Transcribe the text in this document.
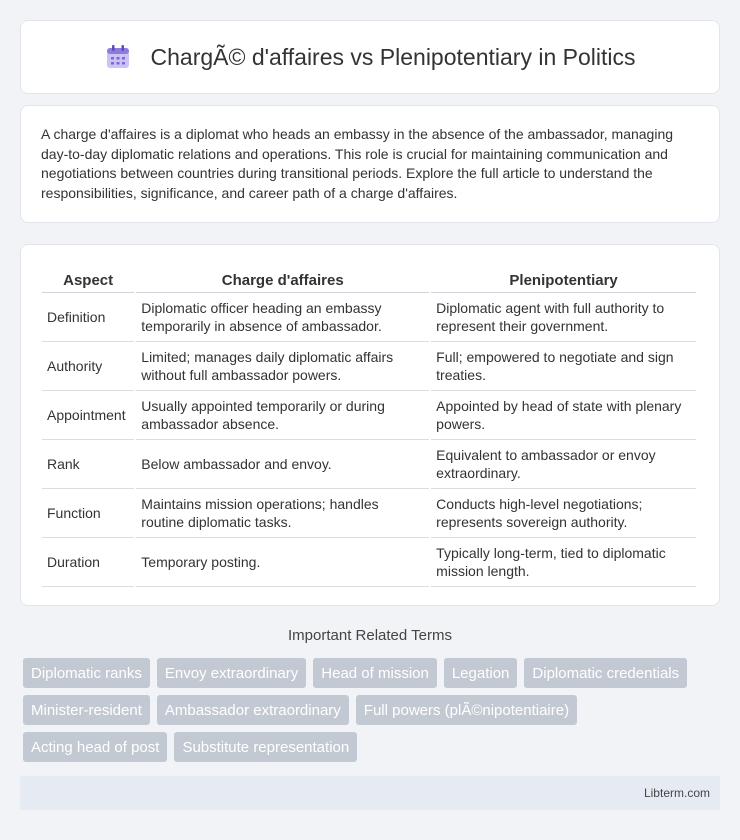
ChargÃ© d'affaires vs Plenipotentiary in Politics

A charge d'affaires is a diplomat who heads an embassy in the absence of the ambassador, managing day-to-day diplomatic relations and operations. This role is crucial for maintaining communication and negotiations between countries during transitional periods. Explore the full article to understand the responsibilities, significance, and career path of a charge d'affaires.

Aspect	Charge d'affaires	Plenipotentiary
Definition	Diplomatic officer heading an embassy temporarily in absence of ambassador.	Diplomatic agent with full authority to represent their government.
Authority	Limited; manages daily diplomatic affairs without full ambassador powers.	Full; empowered to negotiate and sign treaties.
Appointment	Usually appointed temporarily or during ambassador absence.	Appointed by head of state with plenary powers.
Rank	Below ambassador and envoy.	Equivalent to ambassador or envoy extraordinary.
Function	Maintains mission operations; handles routine diplomatic tasks.	Conducts high-level negotiations; represents sovereign authority.
Duration	Temporary posting.	Typically long-term, tied to diplomatic mission length.
Important Related Terms
Diplomatic ranks	Envoy extraordinary	Head of mission	Legation	Diplomatic credentials
Minister-resident	Ambassador extraordinary	Full powers (plÃ©nipotentiaire)
Acting head of post	Substitute representation
Libterm.com
